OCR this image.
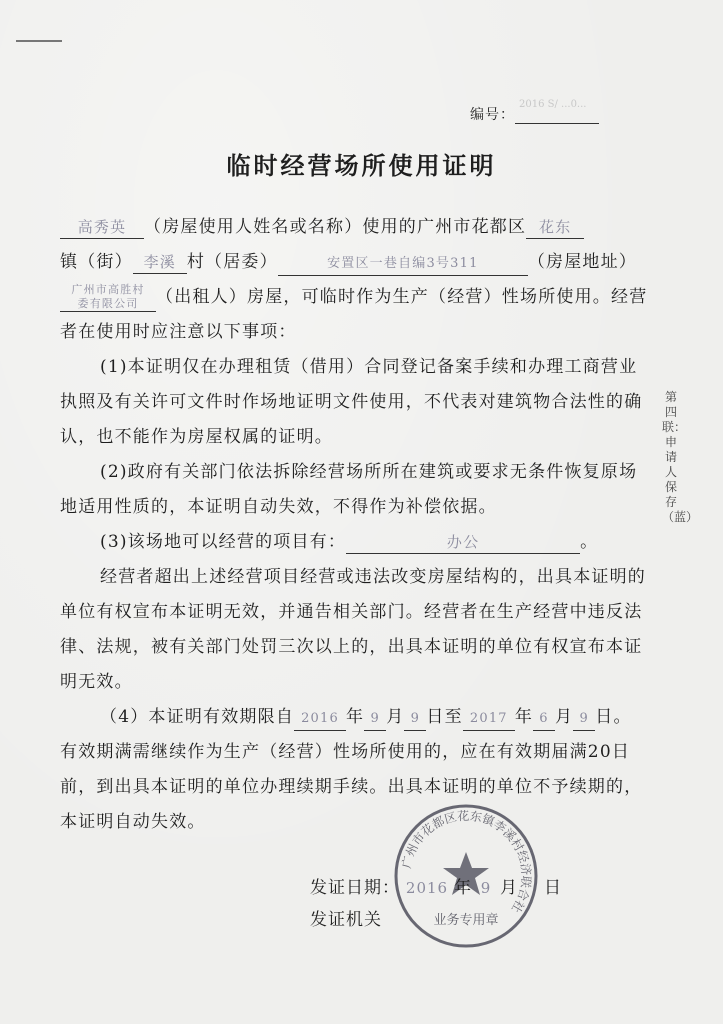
编号：
2016 S/ ...0...
临时经营场所使用证明

高秀英 （房屋使用人姓名或名称）使用的广州市花都区 花东镇（街） 李溪 村（居委）	安置区一巷自编3号311	（房屋地址）广州市高胜村
委有限公司 （出租人）房屋，可临时作为生产（经营）性场所使用。经营者在使用时应注意以下事项：

(1)本证明仅在办理租赁（借用）合同登记备案手续和办理工商营业执照及有关许可文件时作场地证明文件使用，不代表对建筑物合法性的确认，也不能作为房屋权属的证明。

(2)政府有关部门依法拆除经营场所所在建筑或要求无条件恢复原场地适用性质的，本证明自动失效，不得作为补偿依据。

(3)该场地可以经营的项目有：	办公	。

经营者超出上述经营项目经营或违法改变房屋结构的，出具本证明的单位有权宣布本证明无效，并通告相关部门。经营者在生产经营中违反法律、法规，被有关部门处罚三次以上的，出具本证明的单位有权宣布本证明无效。

（4）本证明有效期限自 2016 年 9 月 9 日至 2017 年 6 月 9 日。

有效期满需继续作为生产（经营）性场所使用的，应在有效期届满20日前，到出具本证明的单位办理续期手续。出具本证明的单位不予续期的，本证明自动失效。

第四联：申请人保存（蓝）
广州市花都区花东镇李溪村经济联合社
业务专用章
发证日期： 2016 年 9 月 日
发证机关
